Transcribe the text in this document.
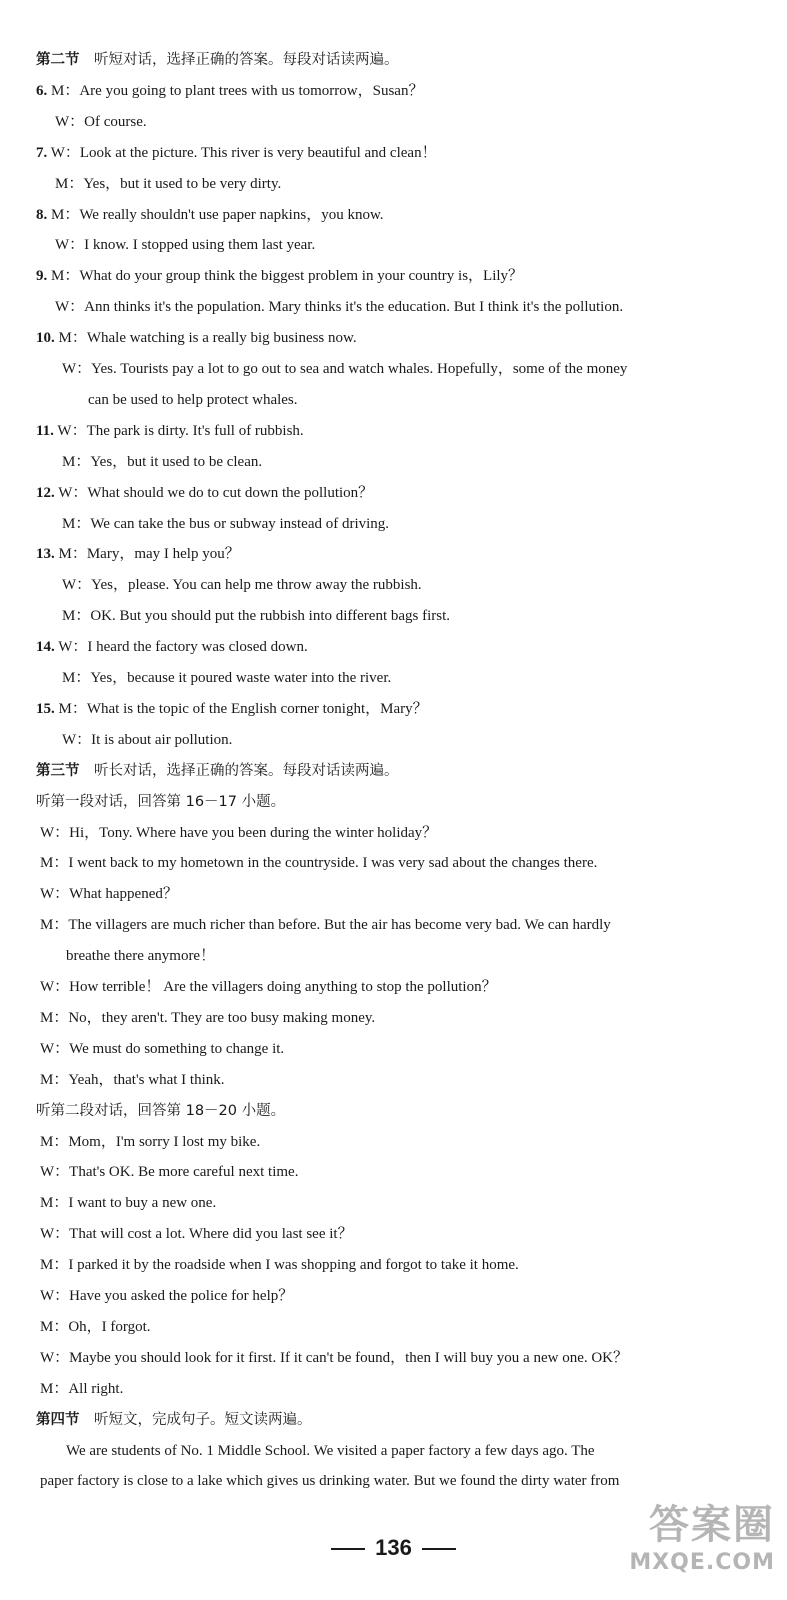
第二节　听短对话，选择正确的答案。每段对话读两遍。
6. M：Are you going to plant trees with us tomorrow，Susan？
W：Of course.
7. W：Look at the picture. This river is very beautiful and clean！
M：Yes，but it used to be very dirty.
8. M：We really shouldn't use paper napkins，you know.
W：I know. I stopped using them last year.
9. M：What do your group think the biggest problem in your country is，Lily？
W：Ann thinks it's the population. Mary thinks it's the education. But I think it's the pollution.
10. M：Whale watching is a really big business now.
W：Yes. Tourists pay a lot to go out to sea and watch whales. Hopefully，some of the money
can be used to help protect whales.
11. W：The park is dirty. It's full of rubbish.
M：Yes，but it used to be clean.
12. W：What should we do to cut down the pollution？
M：We can take the bus or subway instead of driving.
13. M：Mary，may I help you？
W：Yes，please. You can help me throw away the rubbish.
M：OK. But you should put the rubbish into different bags first.
14. W：I heard the factory was closed down.
M：Yes，because it poured waste water into the river.
15. M：What is the topic of the English corner tonight，Mary？
W：It is about air pollution.
第三节　听长对话，选择正确的答案。每段对话读两遍。
听第一段对话，回答第 16－17 小题。
W：Hi，Tony. Where have you been during the winter holiday？
M：I went back to my hometown in the countryside. I was very sad about the changes there.
W：What happened？
M：The villagers are much richer than before. But the air has become very bad. We can hardly
breathe there anymore！
W：How terrible！ Are the villagers doing anything to stop the pollution？
M：No，they aren't. They are too busy making money.
W：We must do something to change it.
M：Yeah，that's what I think.
听第二段对话，回答第 18－20 小题。
M：Mom，I'm sorry I lost my bike.
W：That's OK. Be more careful next time.
M：I want to buy a new one.
W：That will cost a lot. Where did you last see it？
M：I parked it by the roadside when I was shopping and forgot to take it home.
W：Have you asked the police for help？
M：Oh，I forgot.
W：Maybe you should look for it first. If it can't be found，then I will buy you a new one. OK？
M：All right.
第四节　听短文，完成句子。短文读两遍。
We are students of No. 1 Middle School. We visited a paper factory a few days ago. The
paper factory is close to a lake which gives us drinking water. But we found the dirty water from
136	答案圈
MXQE.COM
